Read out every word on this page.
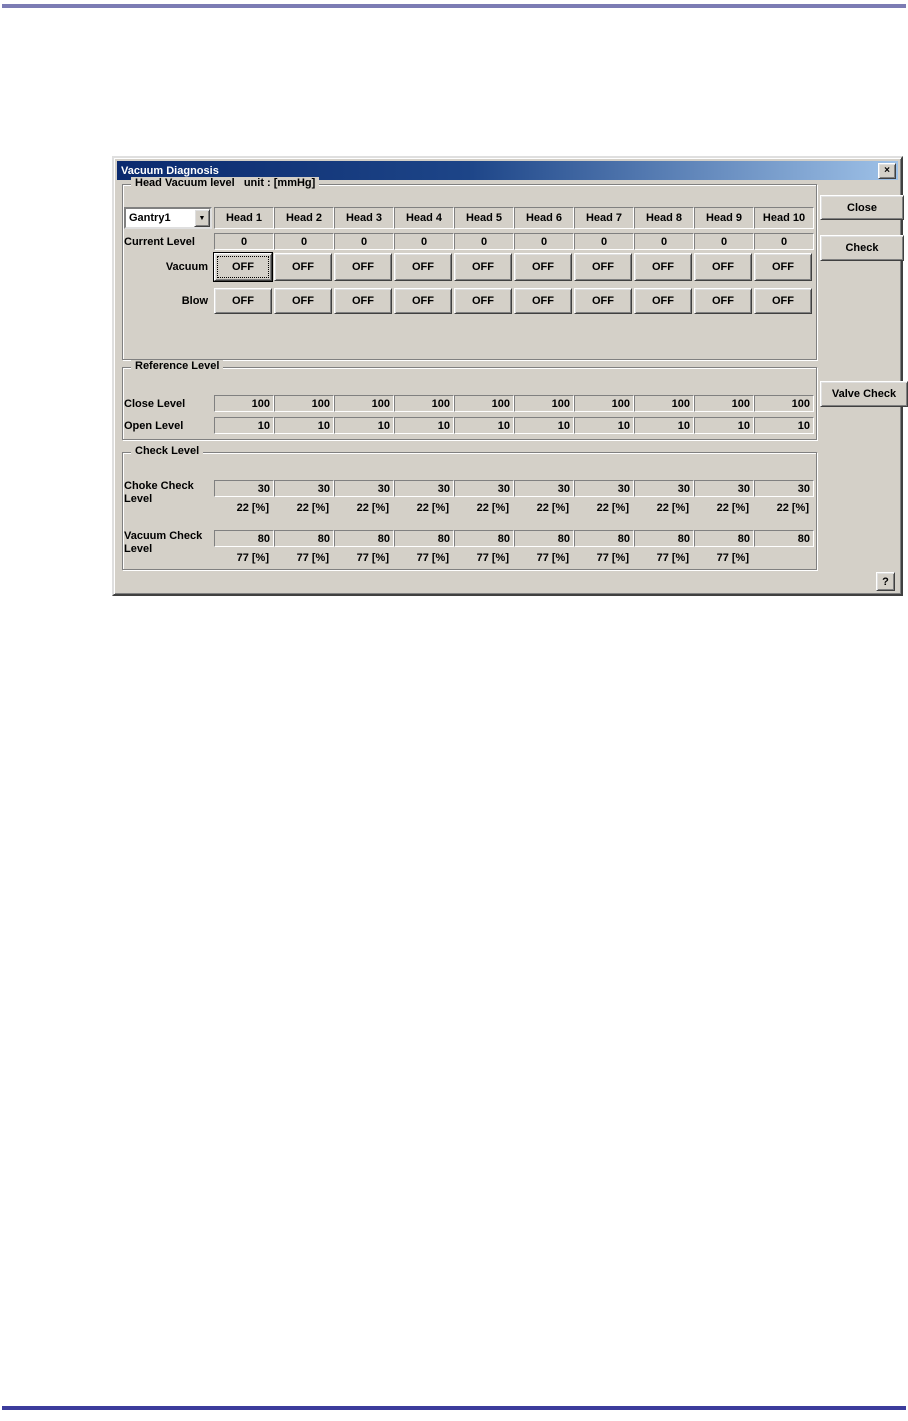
Vacuum Diagnosis	×
Head Vacuum level   unit : [mmHg]
Reference Level
Check Level
Gantry1	▼	Head 1	Head 2	Head 3	Head 4	Head 5	Head 6	Head 7	Head 8	Head 9	Head 10
Current Level	0	0	0	0	0	0	0	0	0	0
Vacuum	OFF	OFF	OFF	OFF	OFF	OFF	OFF	OFF	OFF	OFF
Blow	OFF	OFF	OFF	OFF	OFF	OFF	OFF	OFF	OFF	OFF
Close Level	100	100	100	100	100	100	100	100	100	100
Open Level	10	10	10	10	10	10	10	10	10	10
Choke Check Level
30	30	30	30	30	30	30	30	30	30
22 [%]	22 [%]	22 [%]	22 [%]	22 [%]	22 [%]	22 [%]	22 [%]	22 [%]	22 [%]
Vacuum Check Level
80	80	80	80	80	80	80	80	80	80
77 [%]	77 [%]	77 [%]	77 [%]	77 [%]	77 [%]	77 [%]	77 [%]	77 [%]
Close
Check
Valve Check
?
